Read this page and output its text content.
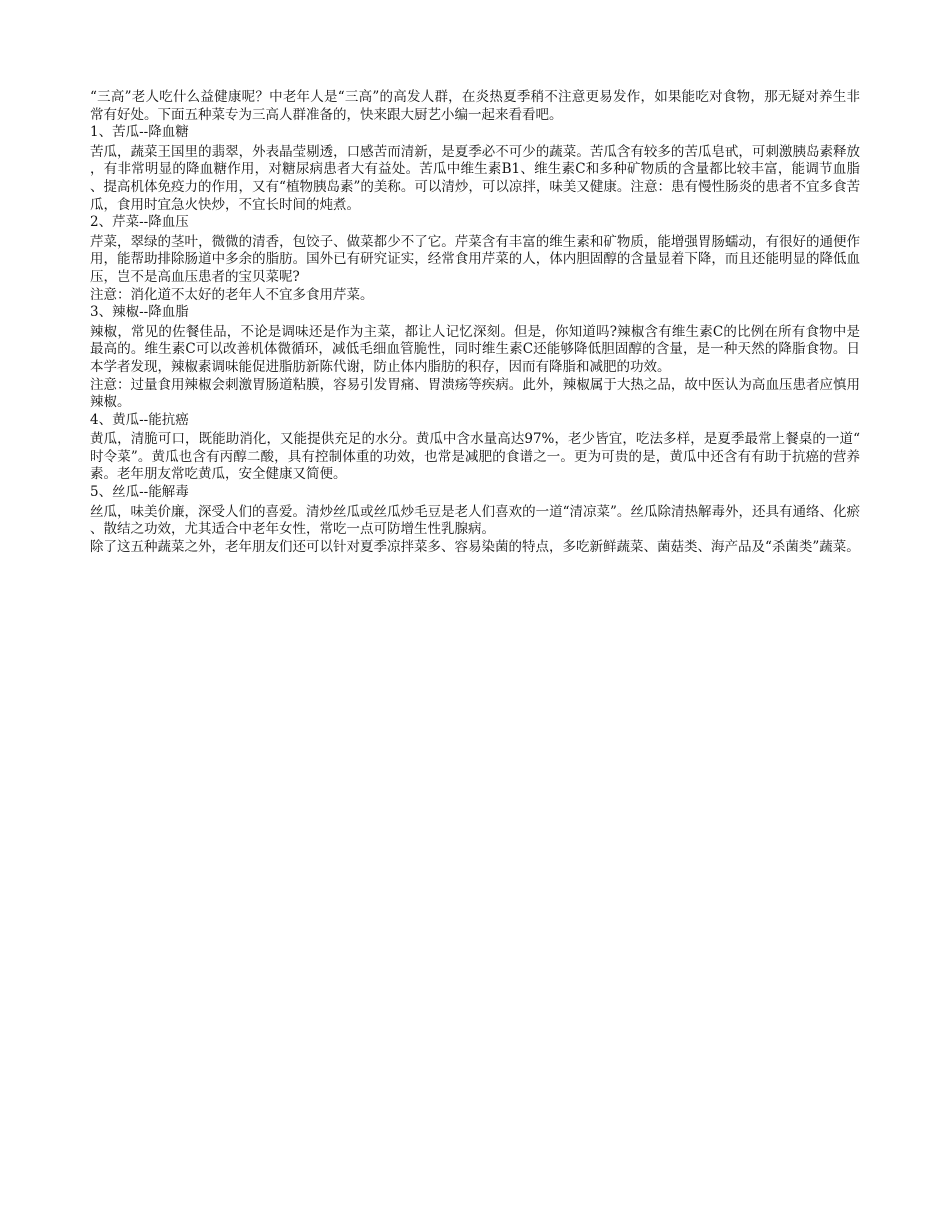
“三高”老人吃什么益健康呢？中老年人是“三高”的高发人群，在炎热夏季稍不注意更易发作，如果能吃对食物，那无疑对养生非常有好处。下面五种菜专为三高人群准备的，快来跟大厨艺小编一起来看看吧。

1、苦瓜--降血糖

苦瓜，蔬菜王国里的翡翠，外表晶莹剔透，口感苦而清新，是夏季必不可少的蔬菜。苦瓜含有较多的苦瓜皂甙，可刺激胰岛素释放，有非常明显的降血糖作用，对糖尿病患者大有益处。苦瓜中维生素B1、维生素C和多种矿物质的含量都比较丰富，能调节血脂、提高机体免疫力的作用，又有“植物胰岛素”的美称。可以清炒，可以凉拌，味美又健康。注意：患有慢性肠炎的患者不宜多食苦瓜，食用时宜急火快炒，不宜长时间的炖煮。

2、芹菜--降血压

芹菜，翠绿的茎叶，微微的清香，包饺子、做菜都少不了它。芹菜含有丰富的维生素和矿物质，能增强胃肠蠕动，有很好的通便作用，能帮助排除肠道中多余的脂肪。国外已有研究证实，经常食用芹菜的人，体内胆固醇的含量显着下降，而且还能明显的降低血压，岂不是高血压患者的宝贝菜呢?

注意：消化道不太好的老年人不宜多食用芹菜。

3、辣椒--降血脂

辣椒，常见的佐餐佳品，不论是调味还是作为主菜，都让人记忆深刻。但是，你知道吗?辣椒含有维生素C的比例在所有食物中是最高的。维生素C可以改善机体微循环，减低毛细血管脆性，同时维生素C还能够降低胆固醇的含量，是一种天然的降脂食物。日本学者发现，辣椒素调味能促进脂肪新陈代谢，防止体内脂肪的积存，因而有降脂和减肥的功效。

注意：过量食用辣椒会刺激胃肠道粘膜，容易引发胃痛、胃溃疡等疾病。此外，辣椒属于大热之品，故中医认为高血压患者应慎用辣椒。

4、黄瓜--能抗癌

黄瓜，清脆可口，既能助消化，又能提供充足的水分。黄瓜中含水量高达97%，老少皆宜，吃法多样，是夏季最常上餐桌的一道“时令菜”。黄瓜也含有丙醇二酸，具有控制体重的功效，也常是减肥的食谱之一。更为可贵的是，黄瓜中还含有有助于抗癌的营养素。老年朋友常吃黄瓜，安全健康又简便。

5、丝瓜--能解毒

丝瓜，味美价廉，深受人们的喜爱。清炒丝瓜或丝瓜炒毛豆是老人们喜欢的一道“清凉菜”。丝瓜除清热解毒外，还具有通络、化瘀、散结之功效，尤其适合中老年女性，常吃一点可防增生性乳腺病。

除了这五种蔬菜之外，老年朋友们还可以针对夏季凉拌菜多、容易染菌的特点，多吃新鲜蔬菜、菌菇类、海产品及“杀菌类”蔬菜。
